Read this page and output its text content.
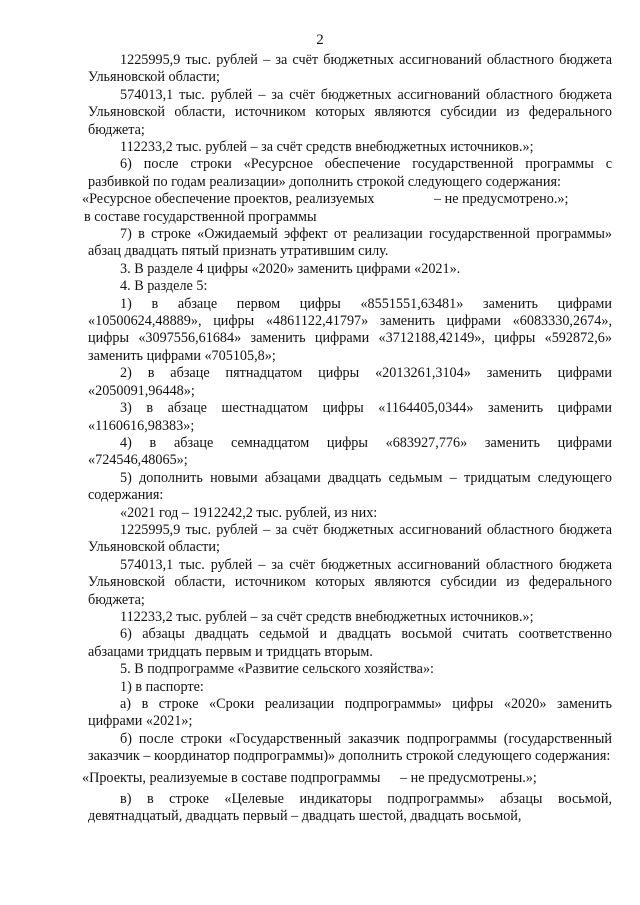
2

1225995,9 тыс. рублей – за счёт бюджетных ассигнований областного бюджета Ульяновской области;

574013,1 тыс. рублей – за счёт бюджетных ассигнований областного бюджета Ульяновской области, источником которых являются субсидии из федерального бюджета;

112233,2 тыс. рублей – за счёт средств внебюджетных источников.»;

6) после строки «Ресурсное обеспечение государственной программы с разбивкой по годам реализации» дополнить строкой следующего содержания:

«Ресурсное обеспечение проектов, реализуемых	– не предусмотрено.»;
в составе государственной программы

7) в строке «Ожидаемый эффект от реализации государственной программы» абзац двадцать пятый признать утратившим силу.

3. В разделе 4 цифры «2020» заменить цифрами «2021».

4. В разделе 5:

1) в абзаце первом цифры «8551551,63481» заменить цифрами «10500624,48889», цифры «4861122,41797» заменить цифрами «6083330,2674», цифры «3097556,61684» заменить цифрами «3712188,42149», цифры «592872,6» заменить цифрами «705105,8»;

2) в абзаце пятнадцатом цифры «2013261,3104» заменить цифрами «2050091,96448»;

3) в абзаце шестнадцатом цифры «1164405,0344» заменить цифрами «1160616,98383»;

4) в абзаце семнадцатом цифры «683927,776» заменить цифрами «724546,48065»;

5) дополнить новыми абзацами двадцать седьмым – тридцатым следующего содержания:

«2021 год – 1912242,2 тыс. рублей, из них:

1225995,9 тыс. рублей – за счёт бюджетных ассигнований областного бюджета Ульяновской области;

574013,1 тыс. рублей – за счёт бюджетных ассигнований областного бюджета Ульяновской области, источником которых являются субсидии из федерального бюджета;

112233,2 тыс. рублей – за счёт средств внебюджетных источников.»;

6) абзацы двадцать седьмой и двадцать восьмой считать соответственно абзацами тридцать первым и тридцать вторым.

5. В подпрограмме «Развитие сельского хозяйства»:

1) в паспорте:

а) в строке «Сроки реализации подпрограммы» цифры «2020» заменить цифрами «2021»;

б) после строки «Государственный заказчик подпрограммы (государственный заказчик – координатор подпрограммы)» дополнить строкой следующего содержания:

«Проекты, реализуемые в составе подпрограммы – не предусмотрены.»;

в) в строке «Целевые индикаторы подпрограммы» абзацы восьмой, девятнадцатый, двадцать первый – двадцать шестой, двадцать восьмой,
